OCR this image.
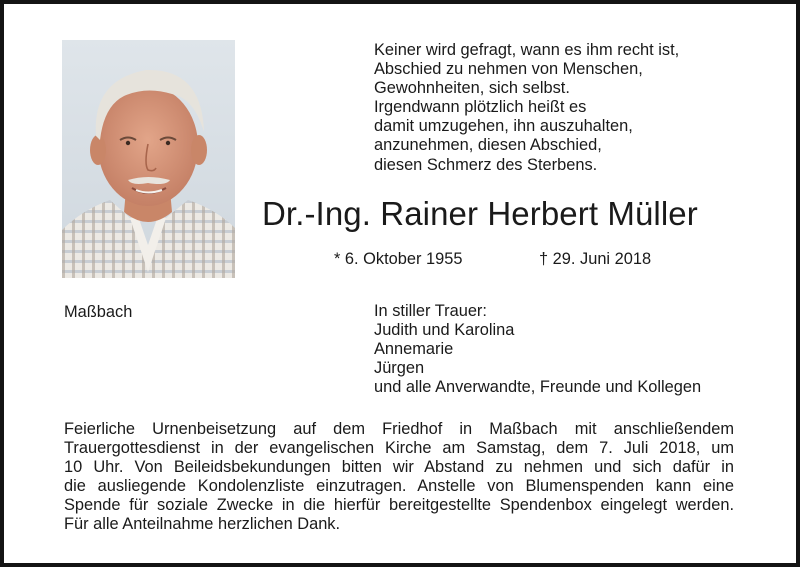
Keiner wird gefragt, wann es ihm recht ist,
Abschied zu nehmen von Menschen,
Gewohnheiten, sich selbst.
Irgendwann plötzlich heißt es
damit umzugehen, ihn auszuhalten,
anzunehmen, diesen Abschied,
diesen Schmerz des Sterbens.
Dr.-Ing. Rainer Herbert Müller
* 6. Oktober 1955	† 29. Juni 2018
Maßbach	In stiller Trauer:
Judith und Karolina
Annemarie
Jürgen
und alle Anverwandte, Freunde und Kollegen
Feierliche Urnenbeisetzung auf dem Friedhof in Maßbach mit anschließendem
Trauergottesdienst in der evangelischen Kirche am Samstag, dem 7. Juli 2018, um
10 Uhr. Von Beileidsbekundungen bitten wir Abstand zu nehmen und sich dafür in
die ausliegende Kondolenzliste einzutragen. Anstelle von Blumenspenden kann eine
Spende für soziale Zwecke in die hierfür bereitgestellte Spendenbox eingelegt werden.
Für alle Anteilnahme herzlichen Dank.
